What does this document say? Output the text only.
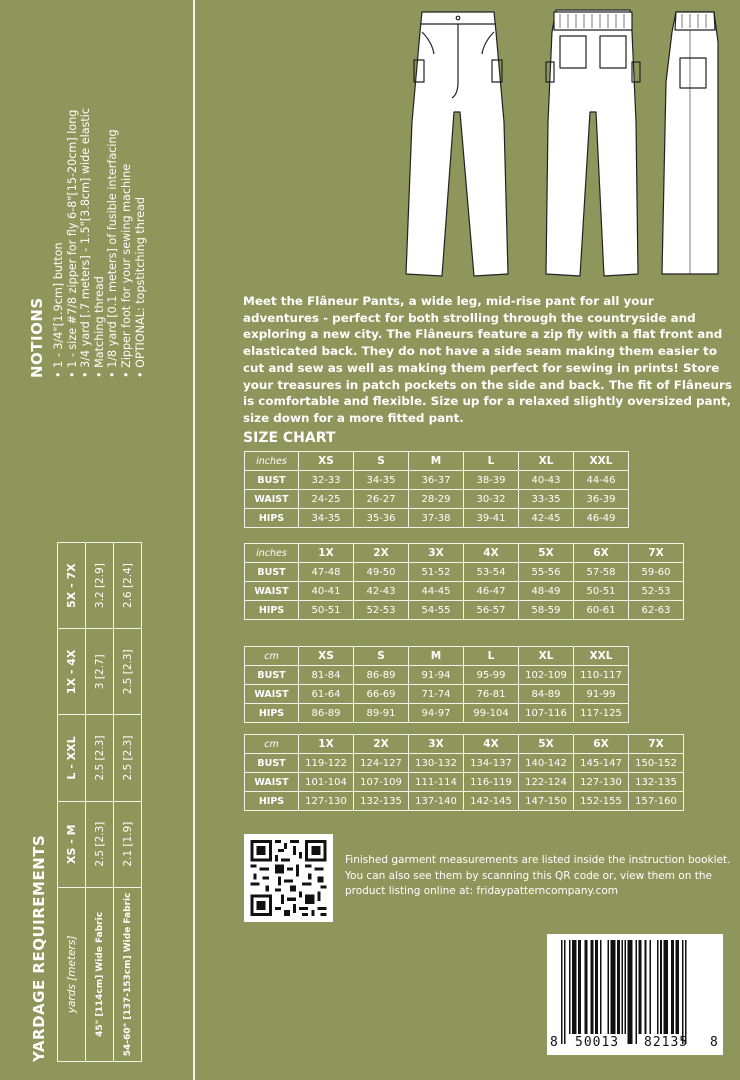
NOTIONS • 1 - 3/4"[1.9cm] button • 1 - size #7/8 zipper for fly 6-8"[15-20cm] long • 3/4 yard [.7 meters] - 1.5"[3.8cm] wide elastic • Matching thread • 1/8 yard [0.1 meters] of fusible interfacing • Zipper foot for your sewing machine • OPTIONAL: topstitching thread
YARDAGE REQUIREMENTS yards [meters]	XS - M	L - XXL	1X - 4X	5X - 7X
45" [114cm] Wide Fabric	2.5 [2.3]	2.5 [2.3]	3 [2.7]	3.2 [2.9]
54-60" [137-153cm] Wide Fabric	2.1 [1.9]	2.5 [2.3]	2.5 [2.3]	2.6 [2.4]

Meet the Flâneur Pants, a wide leg, mid-rise pant for all your adventures - perfect for both strolling through the countryside and exploring a new city. The Flâneurs feature a zip fly with a flat front and elasticated back. They do not have a side seam making them easier to cut and sew as well as making them perfect for sewing in prints! Store your treasures in patch pockets on the side and back. The fit of Flâneurs is comfortable and flexible. Size up for a relaxed slightly oversized pant, size down for a more fitted pant.

SIZE CHART
inches	XS	S	M	L	XL	XXL
BUST	32-33	34-35	36-37	38-39	40-43	44-46
WAIST	24-25	26-27	28-29	30-32	33-35	36-39
HIPS	34-35	35-36	37-38	39-41	42-45	46-49
inches	1X	2X	3X	4X	5X	6X	7X
BUST	47-48	49-50	51-52	53-54	55-56	57-58	59-60
WAIST	40-41	42-43	44-45	46-47	48-49	50-51	52-53
HIPS	50-51	52-53	54-55	56-57	58-59	60-61	62-63
cm	XS	S	M	L	XL	XXL
BUST	81-84	86-89	91-94	95-99	102-109	110-117
WAIST	61-64	66-69	71-74	76-81	84-89	91-99
HIPS	86-89	89-91	94-97	99-104	107-116	117-125
cm	1X	2X	3X	4X	5X	6X	7X
BUST	119-122	124-127	130-132	134-137	140-142	145-147	150-152
WAIST	101-104	107-109	111-114	116-119	122-124	127-130	132-135
HIPS	127-130	132-135	137-140	142-145	147-150	152-155	157-160

Finished garment measurements are listed inside the instruction booklet. You can also see them by scanning this QR code or, view them on the product listing online at: fridaypatterncompany.com

8 50013 82135 8
